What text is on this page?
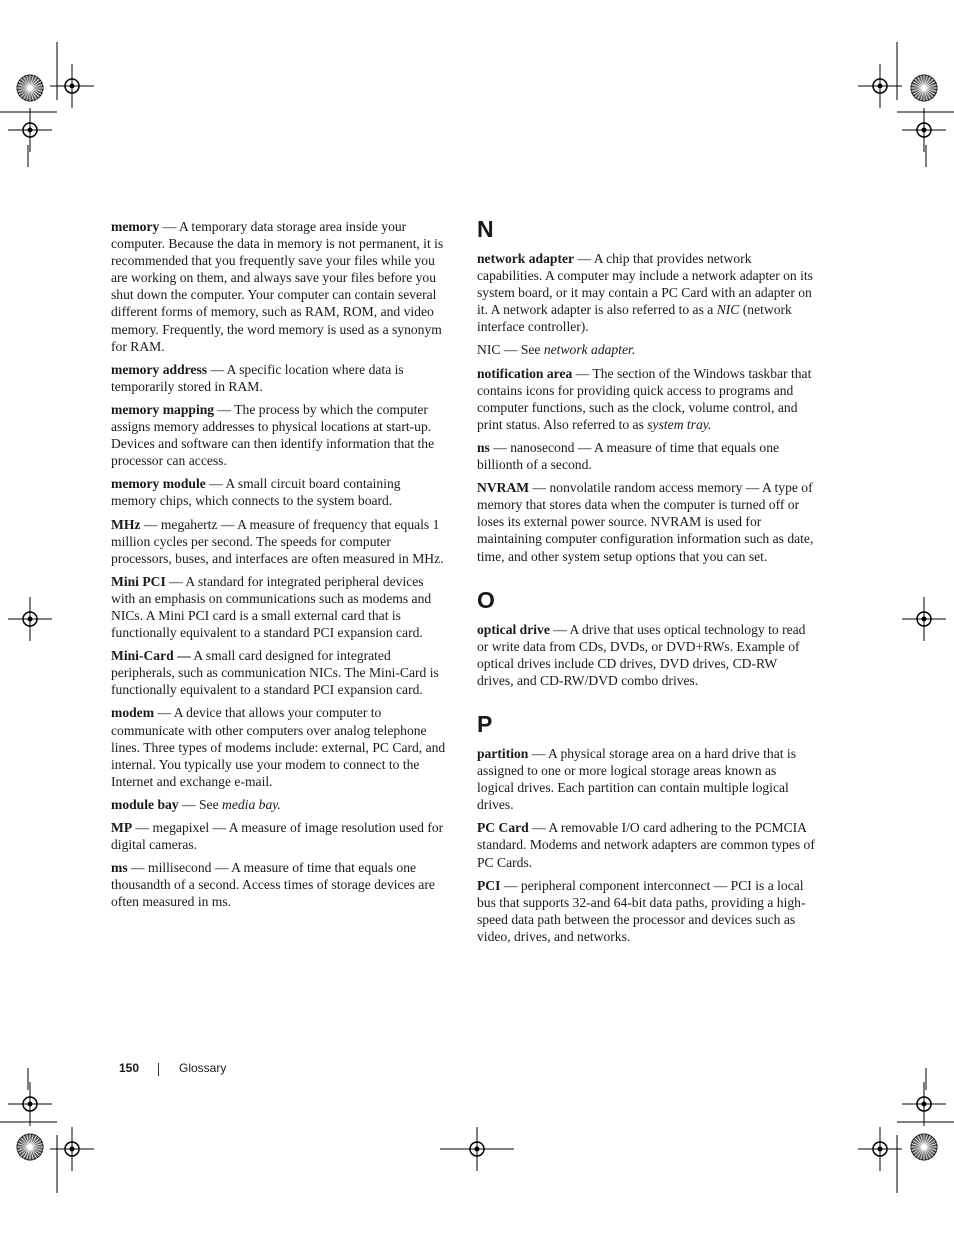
memory — A temporary data storage area inside your computer. Because the data in memory is not permanent, it is recommended that you frequently save your files while you are working on them, and always save your files before you shut down the computer. Your computer can contain several different forms of memory, such as RAM, ROM, and video memory. Frequently, the word memory is used as a synonym for RAM.

memory address — A specific location where data is temporarily stored in RAM.

memory mapping — The process by which the computer assigns memory addresses to physical locations at start-up. Devices and software can then identify information that the processor can access.

memory module — A small circuit board containing memory chips, which connects to the system board.

MHz — megahertz — A measure of frequency that equals 1 million cycles per second. The speeds for computer processors, buses, and interfaces are often measured in MHz.

Mini PCI — A standard for integrated peripheral devices with an emphasis on communications such as modems and NICs. A Mini PCI card is a small external card that is functionally equivalent to a standard PCI expansion card.

Mini-Card — A small card designed for integrated peripherals, such as communication NICs. The Mini-Card is functionally equivalent to a standard PCI expansion card.

modem — A device that allows your computer to communicate with other computers over analog telephone lines. Three types of modems include: external, PC Card, and internal. You typically use your modem to connect to the Internet and exchange e-mail.

module bay — See media bay.

MP — megapixel — A measure of image resolution used for digital cameras.

ms — millisecond — A measure of time that equals one thousandth of a second. Access times of storage devices are often measured in ms.

N

network adapter — A chip that provides network capabilities. A computer may include a network adapter on its system board, or it may contain a PC Card with an adapter on it. A network adapter is also referred to as a NIC (network interface controller).

NIC — See network adapter.

notification area — The section of the Windows taskbar that contains icons for providing quick access to programs and computer functions, such as the clock, volume control, and print status. Also referred to as system tray.

ns — nanosecond — A measure of time that equals one billionth of a second.

NVRAM — nonvolatile random access memory — A type of memory that stores data when the computer is turned off or loses its external power source. NVRAM is used for maintaining computer configuration information such as date, time, and other system setup options that you can set.

O

optical drive — A drive that uses optical technology to read or write data from CDs, DVDs, or DVD+RWs. Example of optical drives include CD drives, DVD drives, CD-RW drives, and CD-RW/DVD combo drives.

P

partition — A physical storage area on a hard drive that is assigned to one or more logical storage areas known as logical drives. Each partition can contain multiple logical drives.

PC Card — A removable I/O card adhering to the PCMCIA standard. Modems and network adapters are common types of PC Cards.

PCI — peripheral component interconnect — PCI is a local bus that supports 32-and 64-bit data paths, providing a high-speed data path between the processor and devices such as video, drives, and networks.

150	Glossary
